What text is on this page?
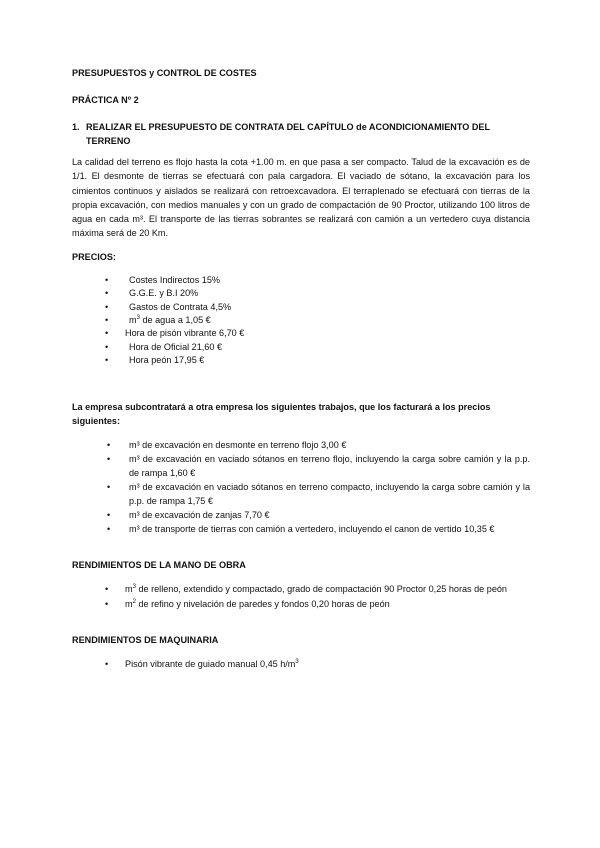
PRESUPUESTOS y CONTROL DE COSTES

PRÁCTICA Nº 2

1. REALIZAR EL PRESUPUESTO DE CONTRATA DEL CAPÍTULO de ACONDICIONAMIENTO DEL TERRENO

La calidad del terreno es flojo hasta la cota +1.00 m. en que pasa a ser compacto. Talud de la excavación es de 1/1. El desmonte de tierras se efectuará con pala cargadora. El vaciado de sótano, la excavación para los cimientos continuos y aislados se realizará con retroexcavadora. El terraplenado se efectuará con tierras de la propia excavación, con medios manuales y con un grado de compactación de 90 Proctor, utilizando 100 litros de agua en cada m³. El transporte de las tierras sobrantes se realizará con camión a un vertedero cuya distancia máxima será de 20 Km.

PRECIOS:

• Costes Indirectos 15%
• G.G.E. y B.I 20%
• Gastos de Contrata 4,5%
• $m^3$ de agua a 1,05 €
• Hora de pisón vibrante 6,70 €
• Hora de Oficial 21,60 €
• Hora peón 17,95 €

La empresa subcontratará a otra empresa los siguientes trabajos, que los facturará a los precios siguientes:

• m³ de excavación en desmonte en terreno flojo 3,00 €
• m³ de excavación en vaciado sótanos en terreno flojo, incluyendo la carga sobre camión y la p.p. de rampa 1,60 €
• m³ de excavación en vaciado sótanos en terreno compacto, incluyendo la carga sobre camión y la p.p. de rampa 1,75 €
• m³ de excavación de zanjas 7,70 €
• m³ de transporte de tierras con camión a vertedero, incluyendo el canon de vertido 10,35 €

RENDIMIENTOS DE LA MANO DE OBRA

• $m^3$ de relleno, extendido y compactado, grado de compactación 90 Proctor 0,25 horas de peón
• $m^2$ de refino y nivelación de paredes y fondos 0,20 horas de peón

RENDIMIENTOS DE MAQUINARIA

• Pisón vibrante de guiado manual 0,45 $h/m^3$
